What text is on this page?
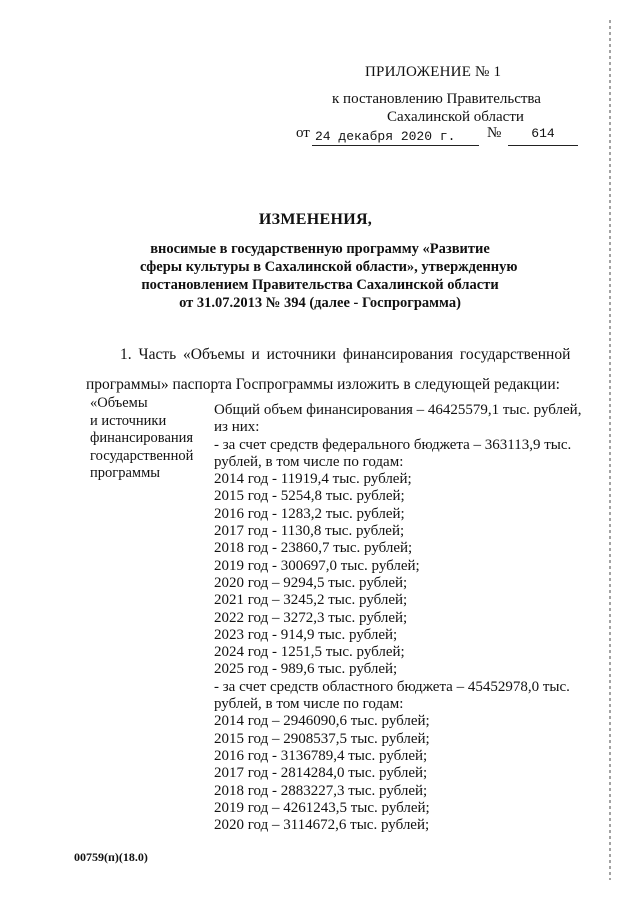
ПРИЛОЖЕНИЕ № 1
к постановлению Правительства
Сахалинской области
от 24 декабря 2020 г.	№	614
ИЗМЕНЕНИЯ,
вносимые в государственную программу «Развитие
сферы культуры в Сахалинской области», утвержденную
постановлением Правительства Сахалинской области
от 31.07.2013 № 394 (далее - Госпрограмма)
1. Часть «Объемы и источники финансирования государственной
программы» паспорта Госпрограммы изложить в следующей редакции:
«Объемы
и источники
финансирования
государственной
программы
Общий объем финансирования – 46425579,1 тыс. рублей,
из них:
- за счет средств федерального бюджета – 363113,9 тыс.
рублей, в том числе по годам:
2014 год - 11919,4 тыс. рублей;
2015 год - 5254,8 тыс. рублей;
2016 год - 1283,2 тыс. рублей;
2017 год - 1130,8 тыс. рублей;
2018 год - 23860,7 тыс. рублей;
2019 год - 300697,0 тыс. рублей;
2020 год – 9294,5 тыс. рублей;
2021 год – 3245,2 тыс. рублей;
2022 год – 3272,3 тыс. рублей;
2023 год - 914,9 тыс. рублей;
2024 год - 1251,5 тыс. рублей;
2025 год - 989,6 тыс. рублей;
- за счет средств областного бюджета – 45452978,0 тыс.
рублей, в том числе по годам:
2014 год – 2946090,6 тыс. рублей;
2015 год – 2908537,5 тыс. рублей;
2016 год - 3136789,4 тыс. рублей;
2017 год - 2814284,0 тыс. рублей;
2018 год - 2883227,3 тыс. рублей;
2019 год – 4261243,5 тыс. рублей;
2020 год – 3114672,6 тыс. рублей;
00759(п)(18.0)
